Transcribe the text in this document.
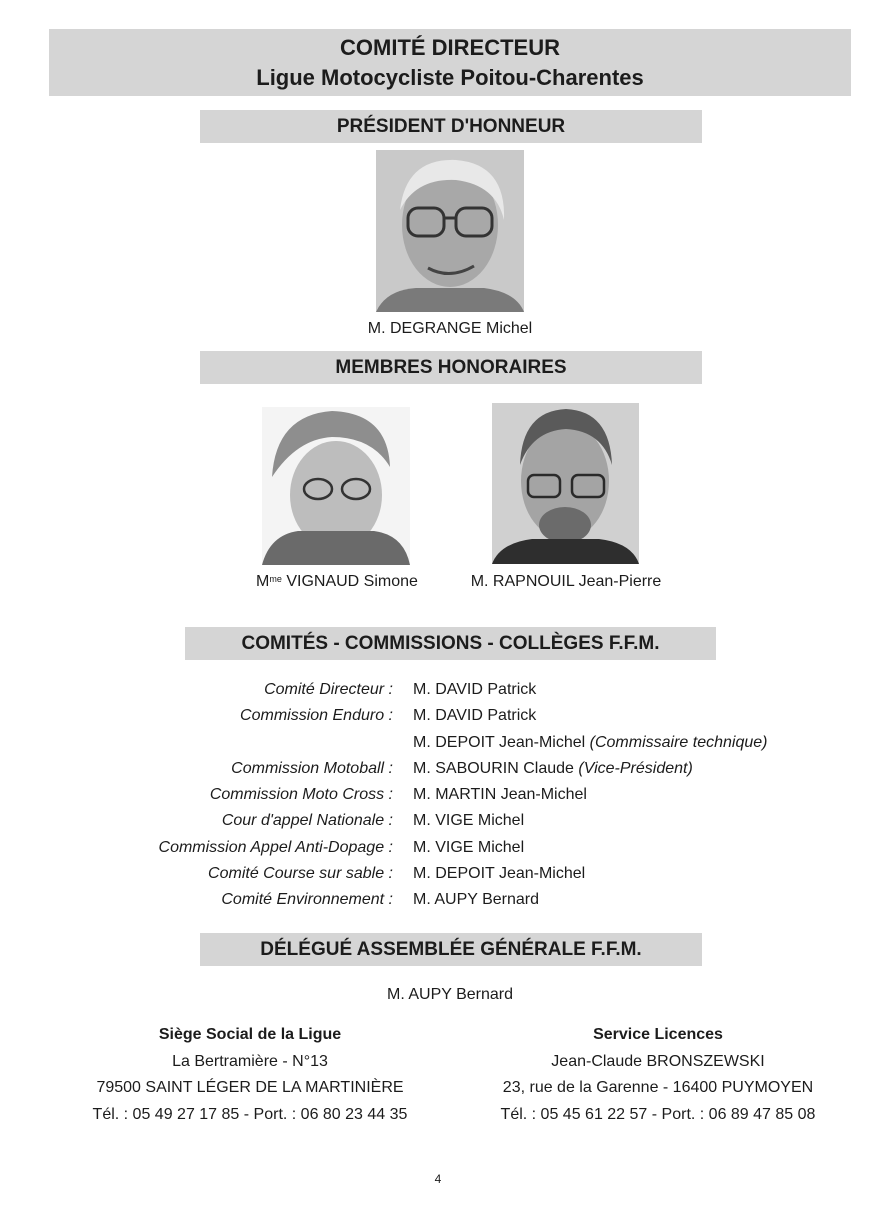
COMITÉ DIRECTEUR
Ligue Motocycliste Poitou-Charentes
PRÉSIDENT D'HONNEUR
M. DEGRANGE Michel
MEMBRES HONORAIRES
$M^{me}$ VIGNAUD Simone	M. RAPNOUIL Jean-Pierre
COMITÉS - COMMISSIONS - COLLÈGES F.F.M.
Comité Directeur :	M. DAVID Patrick
Commission Enduro :	M. DAVID Patrick
M. DEPOIT Jean-Michel (Commissaire technique)
Commission Motoball :	M. SABOURIN Claude (Vice-Président)
Commission Moto Cross :	M. MARTIN Jean-Michel
Cour d'appel Nationale :	M. VIGE Michel
Commission Appel Anti-Dopage :	M. VIGE Michel
Comité Course sur sable :	M. DEPOIT Jean-Michel
Comité Environnement :	M. AUPY Bernard
DÉLÉGUÉ ASSEMBLÉE GÉNÉRALE F.F.M.
M. AUPY Bernard
Siège Social de la Ligue
La Bertramière - N°13
79500 SAINT LÉGER DE LA MARTINIÈRE
Tél. : 05 49 27 17 85 - Port. : 06 80 23 44 35
Service Licences
Jean-Claude BRONSZEWSKI
23, rue de la Garenne - 16400 PUYMOYEN
Tél. : 05 45 61 22 57 - Port. : 06 89 47 85 08
4
